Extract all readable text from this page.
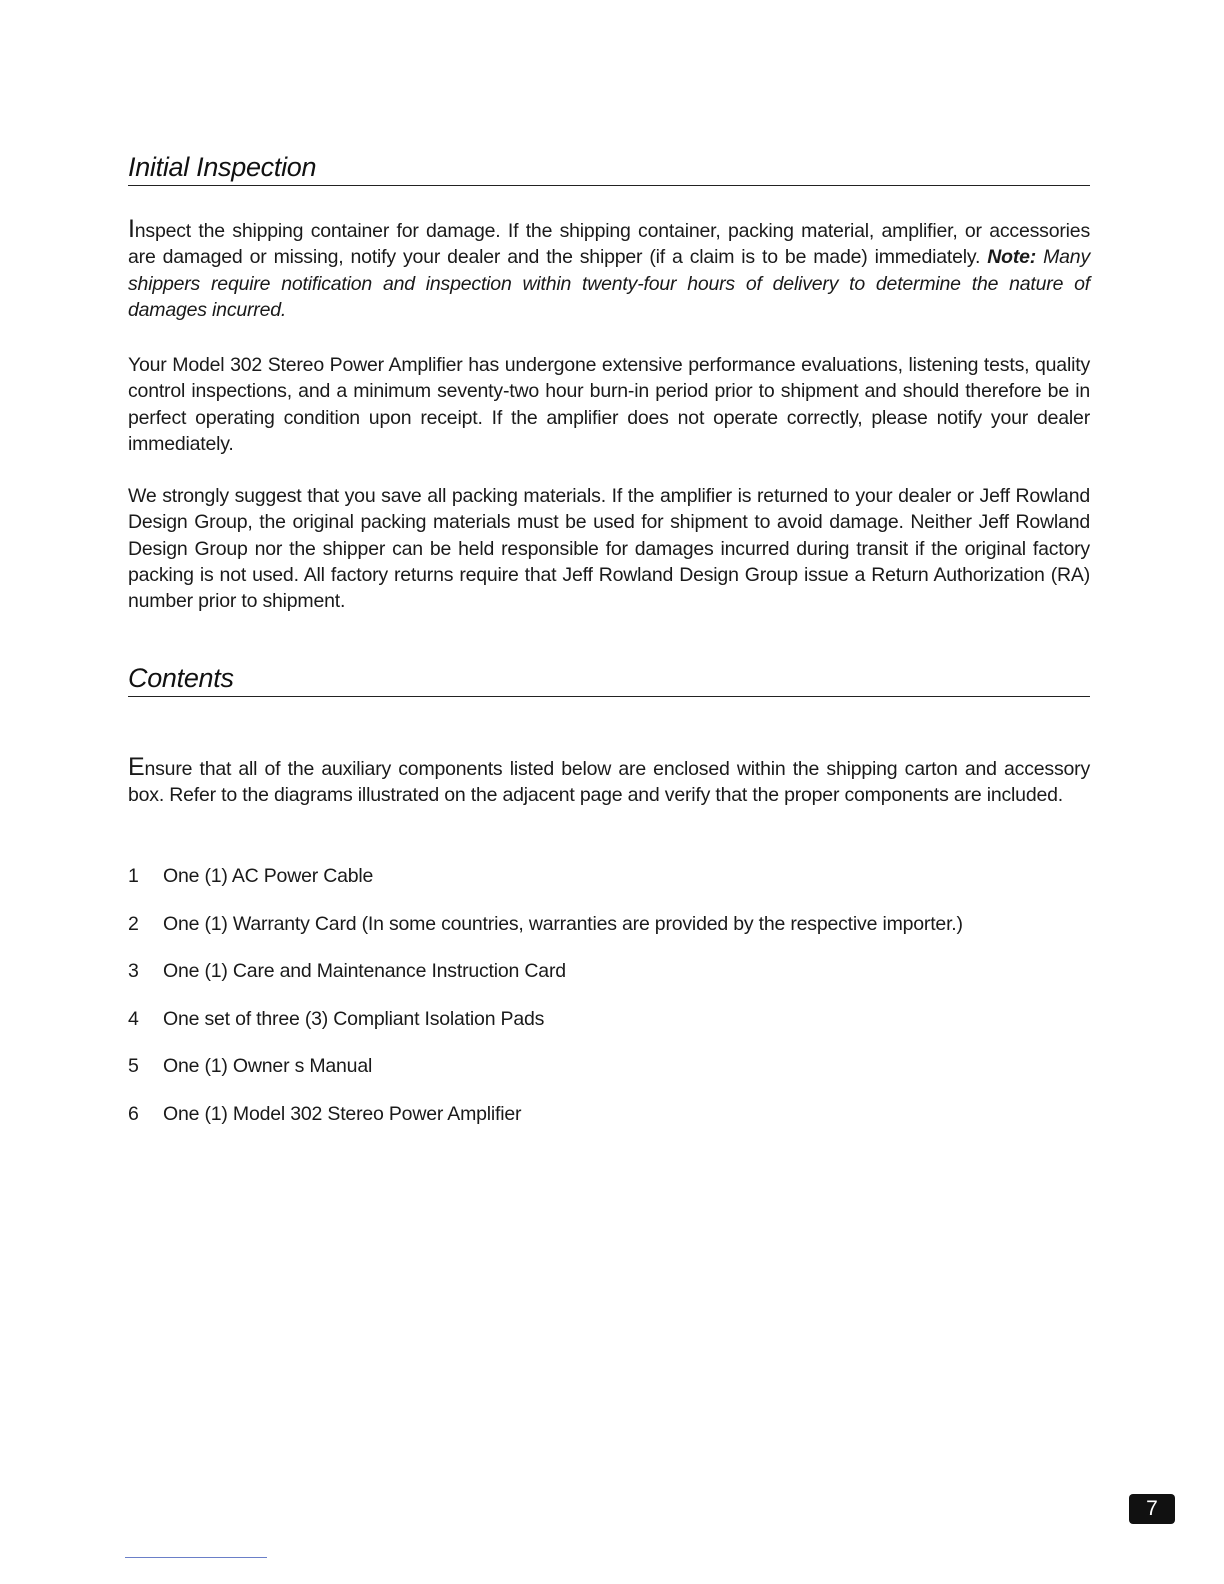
Initial Inspection

Inspect the shipping container for damage. If the shipping container, packing material, amplifier, or accessories are damaged or missing, notify your dealer and the shipper (if a claim is to be made) immediately. Note: Many shippers require notification and inspection within twenty-four hours of delivery to determine the nature of damages incurred.

Your Model 302 Stereo Power Amplifier has undergone extensive performance evaluations, listening tests, quality control inspections, and a minimum seventy-two hour burn-in period prior to shipment and should therefore be in perfect operating condition upon receipt. If the amplifier does not operate correctly, please notify your dealer immediately.

We strongly suggest that you save all packing materials. If the amplifier is returned to your dealer or Jeff Rowland Design Group, the original packing materials must be used for shipment to avoid damage. Neither Jeff Rowland Design Group nor the shipper can be held responsible for damages incurred during transit if the original factory packing is not used. All factory returns require that Jeff Rowland Design Group issue a Return Authorization (RA) number prior to shipment.

Contents

Ensure that all of the auxiliary components listed below are enclosed within the shipping carton and accessory box. Refer to the diagrams illustrated on the adjacent page and verify that the proper components are included.

1	One (1) AC Power Cable
2	One (1) Warranty Card (In some countries, warranties are provided by the respective importer.)
3	One (1) Care and Maintenance Instruction Card
4	One set of three (3) Compliant Isolation Pads
5	One (1) Owner s Manual
6	One (1) Model 302 Stereo Power Amplifier
7
